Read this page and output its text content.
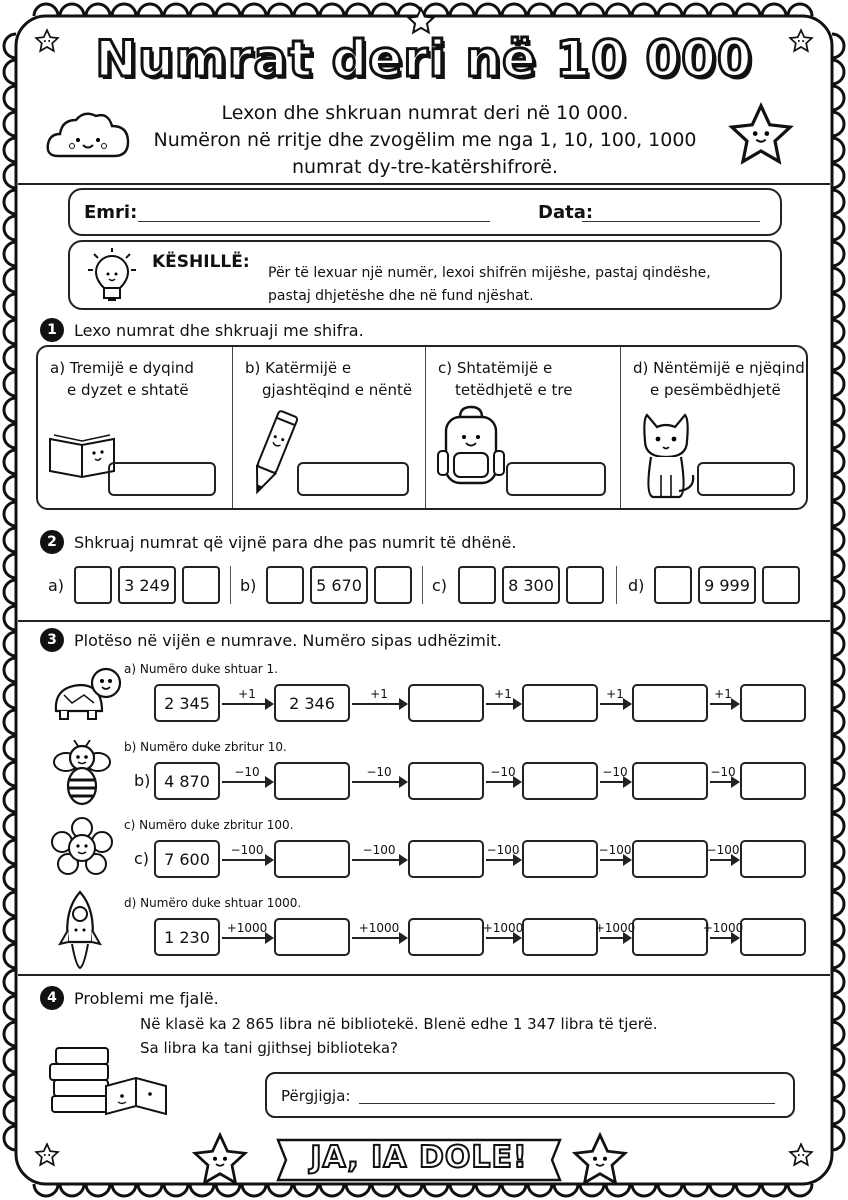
Numrat deri në 10 000
Lexon dhe shkruan numrat deri në 10 000.
Numëron në rritje dhe zvogëlim me nga 1, 10, 100, 1000
numrat dy-tre-katërshifrorë.
Emri:	Data:
KËSHILLË:
Për të lexuar një numër, lexoi shifrën mijëshe, pastaj qindëshe,
pastaj dhjetëshe dhe në fund njëshat.
1	Lexo numrat dhe shkruaji me shifra.
a) Tremijë e dyqind
e dyzet e shtatë
b) Katërmijë e
gjashtëqind e nëntë
c) Shtatëmijë e
tetëdhjetë e tre
d) Nëntëmijë e njëqind
e pesëmbëdhjetë
2	Shkruaj numrat që vijnë para dhe pas numrit të dhënë.
a)	3 249	b)	5 670	c)	8 300	d)	9 999
3	Plotëso në vijën e numrave. Numëro sipas udhëzimit.
a) Numëro duke shtuar 1.
2 345	+1	2 346	+1	+1	+1	+1
b) Numëro duke zbritur 10.
b) 4 870	−10	−10	−10	−10	−10
c) Numëro duke zbritur 100.
c) 7 600	−100	−100	−100	−100	−100
d) Numëro duke shtuar 1000.
1 230	+1000	+1000	+1000	+1000	+1000
4	Problemi me fjalë.
Në klasë ka 2 865 libra në bibliotekë. Blenë edhe 1 347 libra të tjerë.
Sa libra ka tani gjithsej biblioteka?
Përgjigja:
JA, IA DOLE!
